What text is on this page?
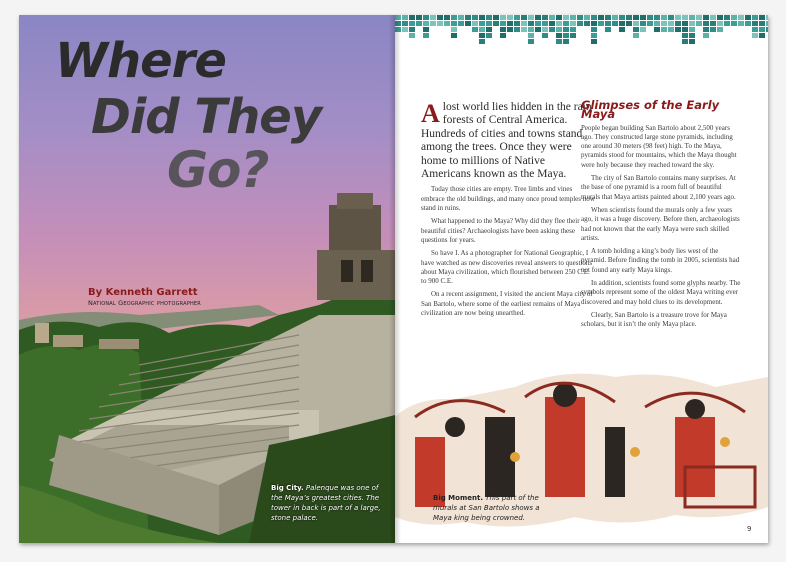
Where
Did They
Go?
By Kenneth Garrett
National Geographic photographer
Big City. Palenque was one of the Maya’s greatest cities. The tower in back is part of a large, stone palace.
Alost world lies hidden in the rain forests of Central America. Hundreds of cities and towns stand among the trees. Once they were home to millions of Native Americans known as the Maya.

Today those cities are empty. Tree limbs and vines embrace the old buildings, and many once proud temples now stand in ruins.

What happened to the Maya? Why did they flee their beautiful cities? Archaeologists have been asking these questions for years.

So have I. As a photographer for National Geographic, I have watched as new discoveries reveal answers to questions about Maya civilization, which flourished between 250 C.E. to 900 C.E.

On a recent assignment, I visited the ancient Maya city of San Bartolo, where some of the earliest remains of Maya civilization are now being unearthed.

Glimpses of the Early Maya

People began building San Bartolo about 2,500 years ago. They constructed large stone pyramids, including one around 30 meters (98 feet) high. To the Maya, pyramids stood for mountains, which the Maya thought were holy because they reached toward the sky.

The city of San Bartolo contains many surprises. At the base of one pyramid is a room full of beautiful murals that Maya artists painted about 2,100 years ago.

When scientists found the murals only a few years ago, it was a huge discovery. Before then, archaeologists had not known that the early Maya were such skilled artists.

A tomb holding a king’s body lies west of the pyramid. Before finding the tomb in 2005, scientists had not found any early Maya kings.

In addition, scientists found some glyphs nearby. The symbols represent some of the oldest Maya writing ever discovered and may hold clues to its development.

Clearly, San Bartolo is a treasure trove for Maya scholars, but it isn’t the only Maya place.

Big Moment. This part of the murals at San Bartolo shows a Maya king being crowned.
9
